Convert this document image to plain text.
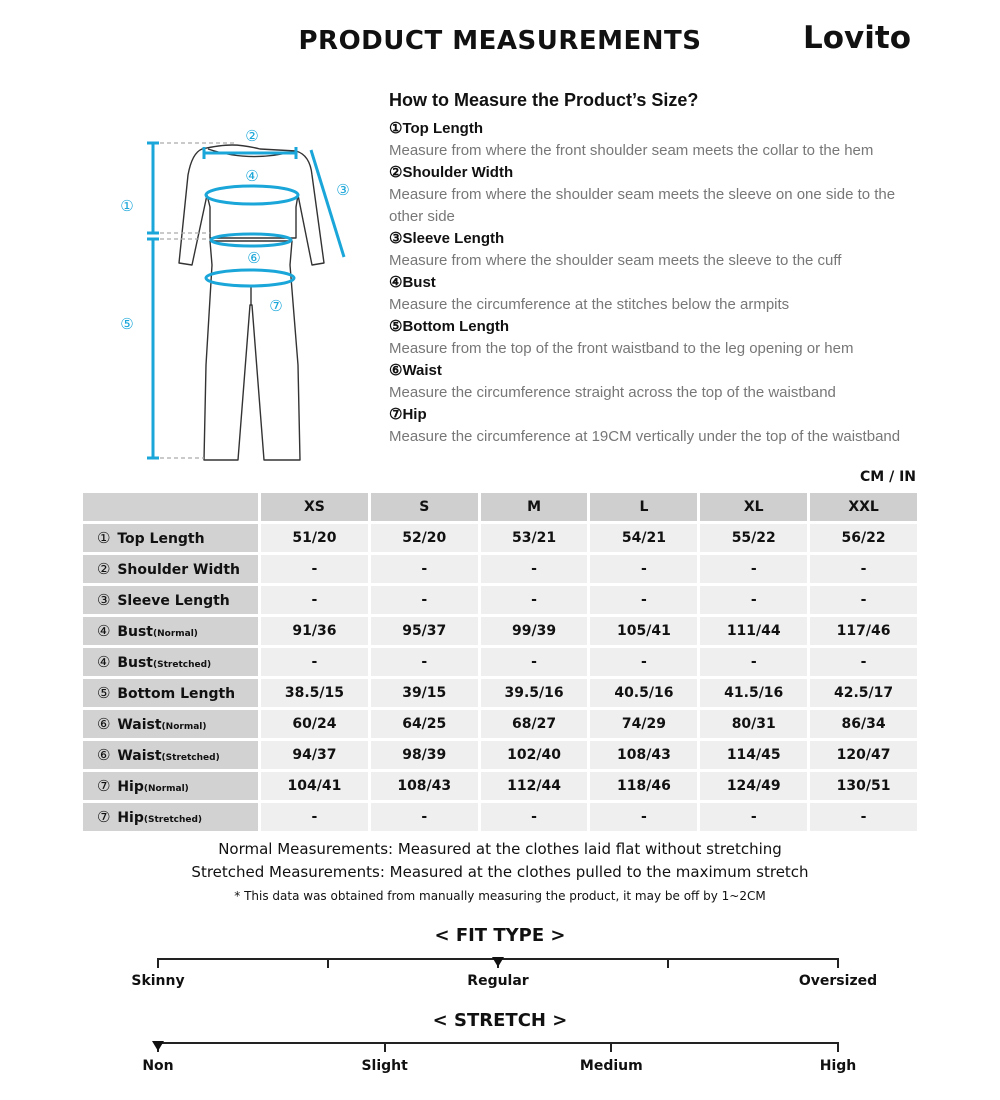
PRODUCT MEASUREMENTS	Lovito
①
②
③
④
⑤
⑥
⑦
How to Measure the Product’s Size?
①Top Length
Measure from where the front shoulder seam meets the collar to the hem
②Shoulder Width
Measure from where the shoulder seam meets the sleeve on one side to the other side
③Sleeve Length
Measure from where the shoulder seam meets the sleeve to the cuff
④Bust
Measure the circumference at the stitches below the armpits
⑤Bottom Length
Measure from the top of the front waistband to the leg opening or hem
⑥Waist
Measure the circumference straight across the top of the waistband
⑦Hip
Measure the circumference at 19CM vertically under the top of the waistband
CM / IN
	XS	S	M	L	XL	XXL
① Top Length	51/20	52/20	53/21	54/21	55/22	56/22
② Shoulder Width	-	-	-	-	-	-
③ Sleeve Length	-	-	-	-	-	-
④ Bust(Normal)	91/36	95/37	99/39	105/41	111/44	117/46
④ Bust(Stretched)	-	-	-	-	-	-
⑤ Bottom Length	38.5/15	39/15	39.5/16	40.5/16	41.5/16	42.5/17
⑥ Waist(Normal)	60/24	64/25	68/27	74/29	80/31	86/34
⑥ Waist(Stretched)	94/37	98/39	102/40	108/43	114/45	120/47
⑦ Hip(Normal)	104/41	108/43	112/44	118/46	124/49	130/51
⑦ Hip(Stretched)	-	-	-	-	-	-
Normal Measurements: Measured at the clothes laid flat without stretching
Stretched Measurements: Measured at the clothes pulled to the maximum stretch
* This data was obtained from manually measuring the product, it may be off by 1~2CM
< FIT TYPE >
Skinny	Regular	Oversized
< STRETCH >
Non	Slight	Medium	High
